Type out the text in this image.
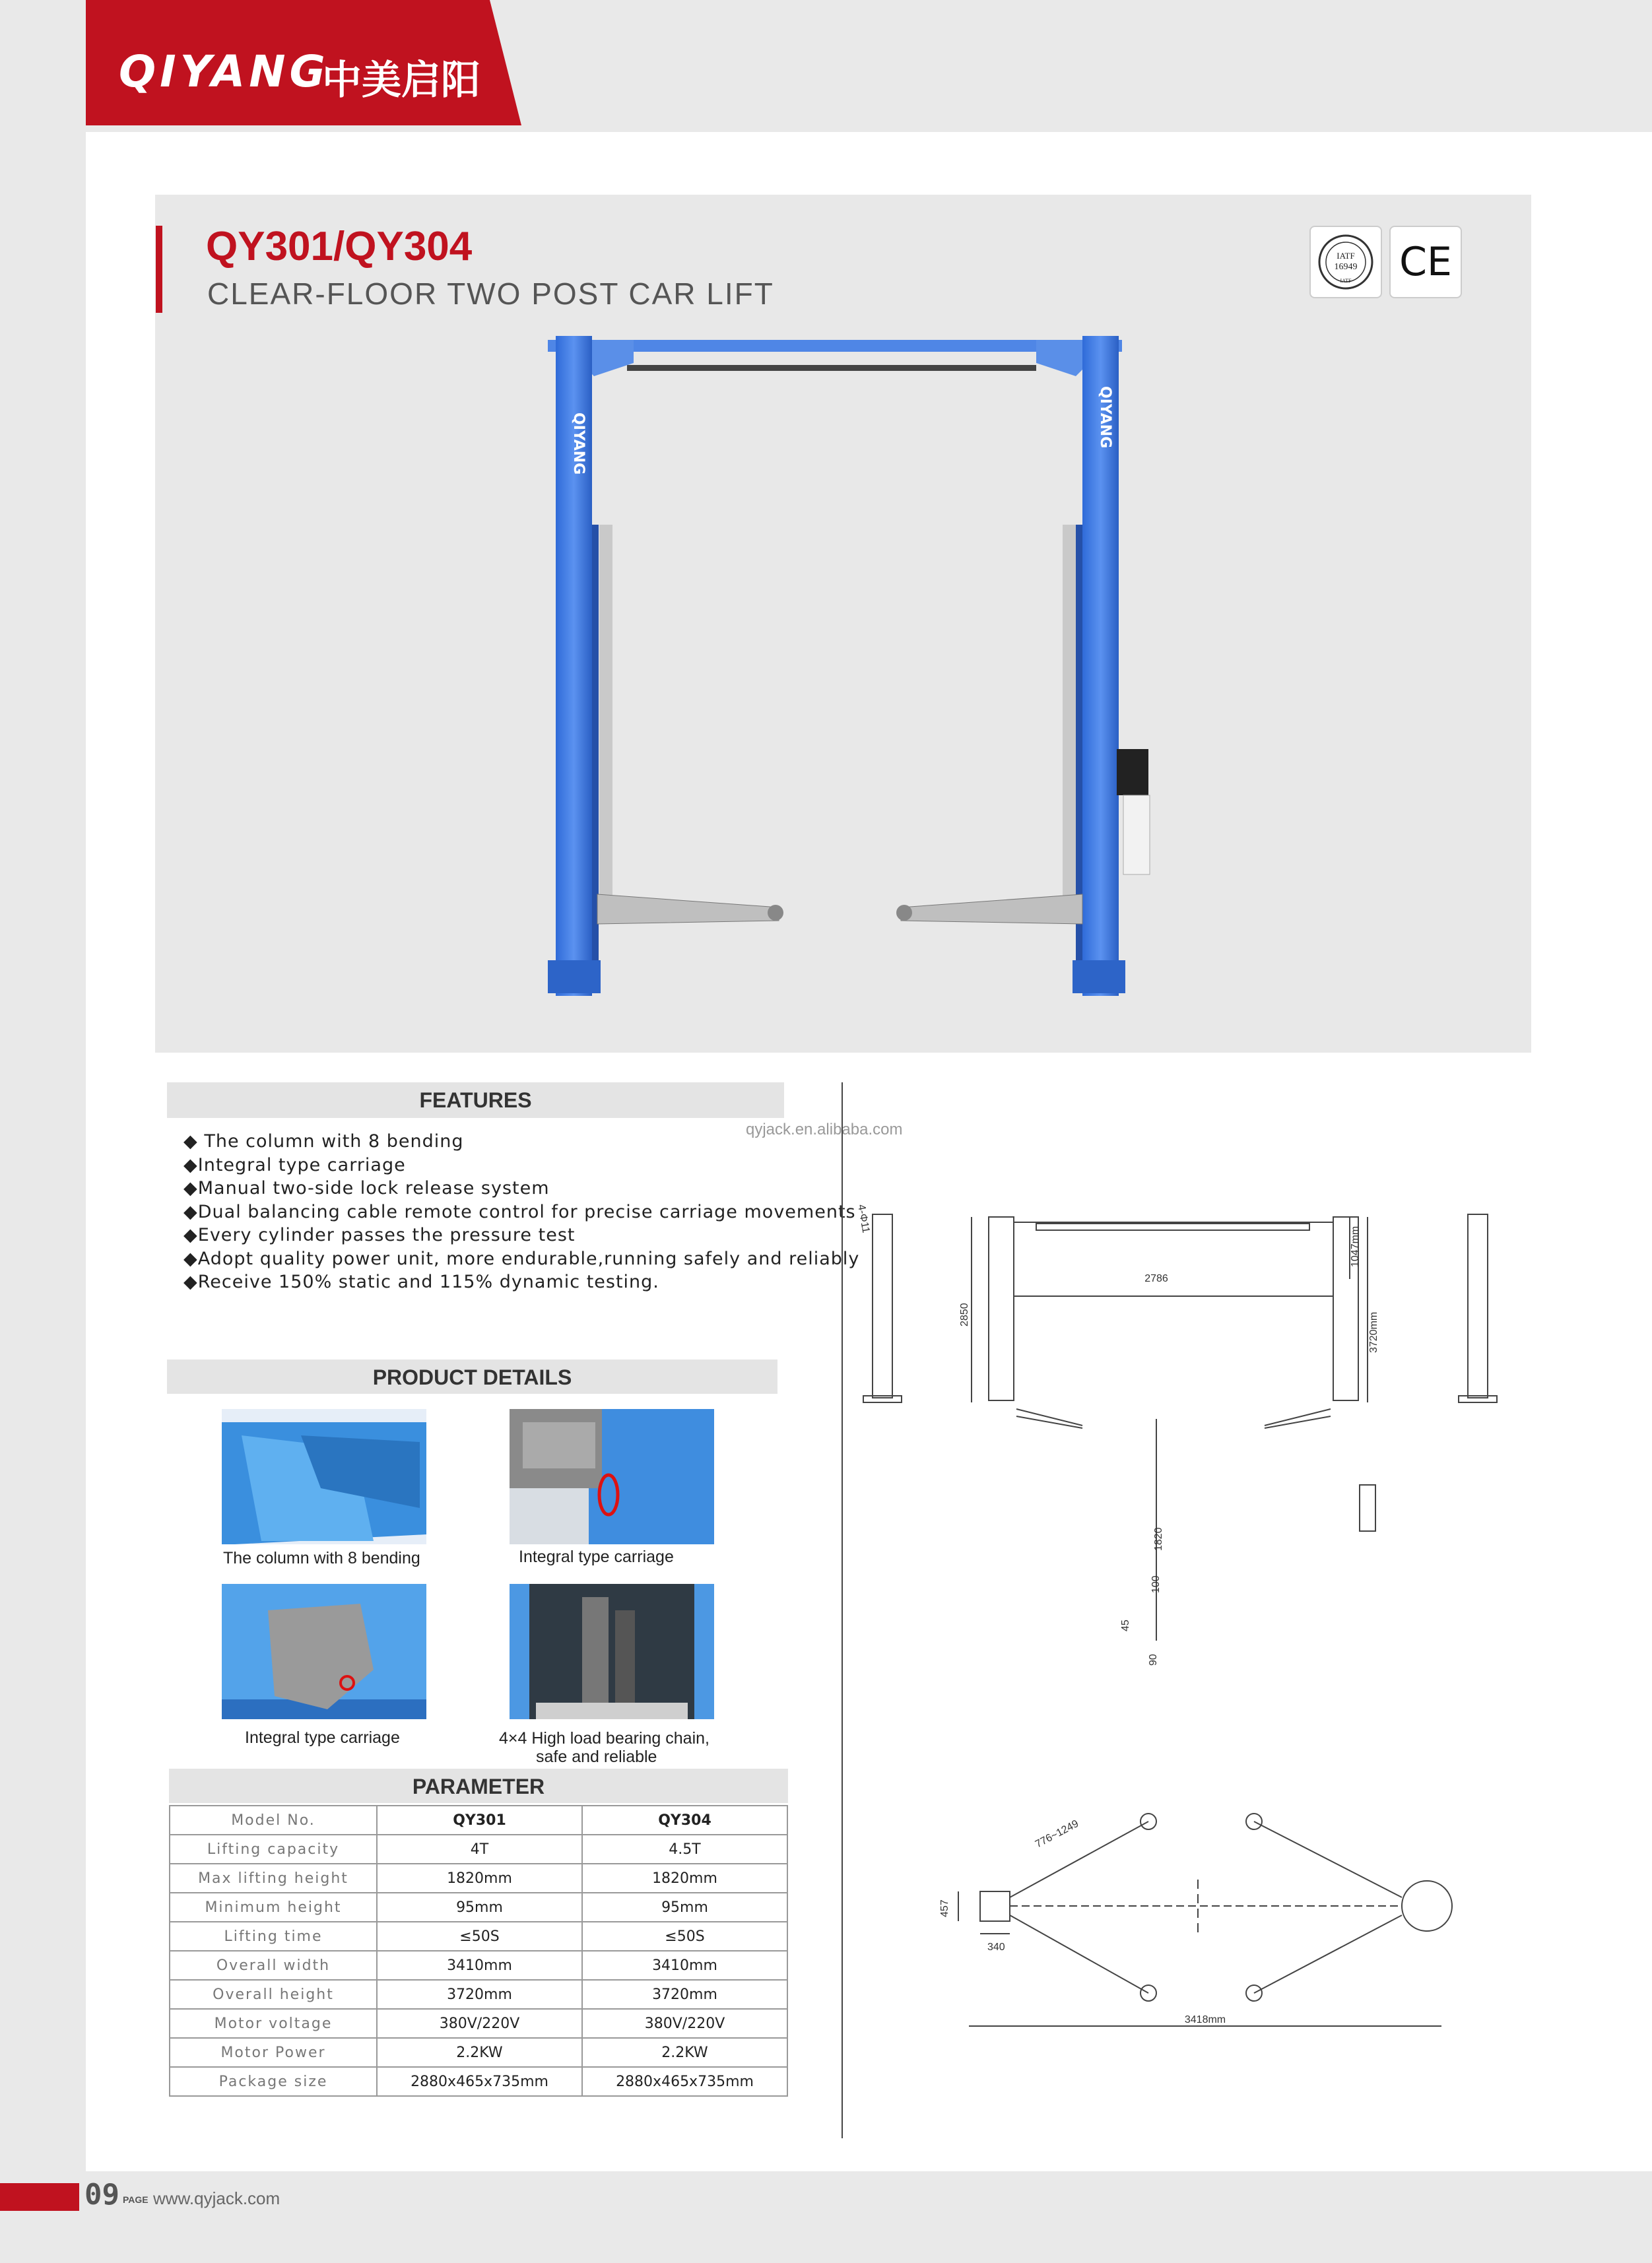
QIYANG
中美启阳
QY301/QY304
CLEAR-FLOOR TWO POST CAR LIFT
IATF
16949
IATF CE
QIYANG	QIYANG
FEATURES
qyjack.en.alibaba.com
◆ The column with 8 bending
◆Integral type carriage
◆Manual two-side lock release system
◆Dual balancing cable remote control for precise carriage movements
◆Every cylinder passes the pressure test
◆Adopt quality power unit, more endurable,running safely and reliably
◆Receive 150% static and 115% dynamic testing.
PRODUCT DETAILS
The column with 8 bending	Integral type carriage
Integral type carriage	4×4 High load bearing chain,
safe and reliable
PARAMETER
Model No.	QY301	QY304
Lifting capacity	4T	4.5T
Max lifting height	1820mm	1820mm
Minimum height	95mm	95mm
Lifting time	≤50S	≤50S
Overall width	3410mm	3410mm
Overall height	3720mm	3720mm
Motor voltage	380V/220V	380V/220V
Motor Power	2.2KW	2.2KW
Package size	2880x465x735mm	2880x465x735mm
4-Φ11
2786
1047mm
2850	3720mm
1820
100
45
90
776~1249
457
340
3418mm
09 PAGE www.qyjack.com
